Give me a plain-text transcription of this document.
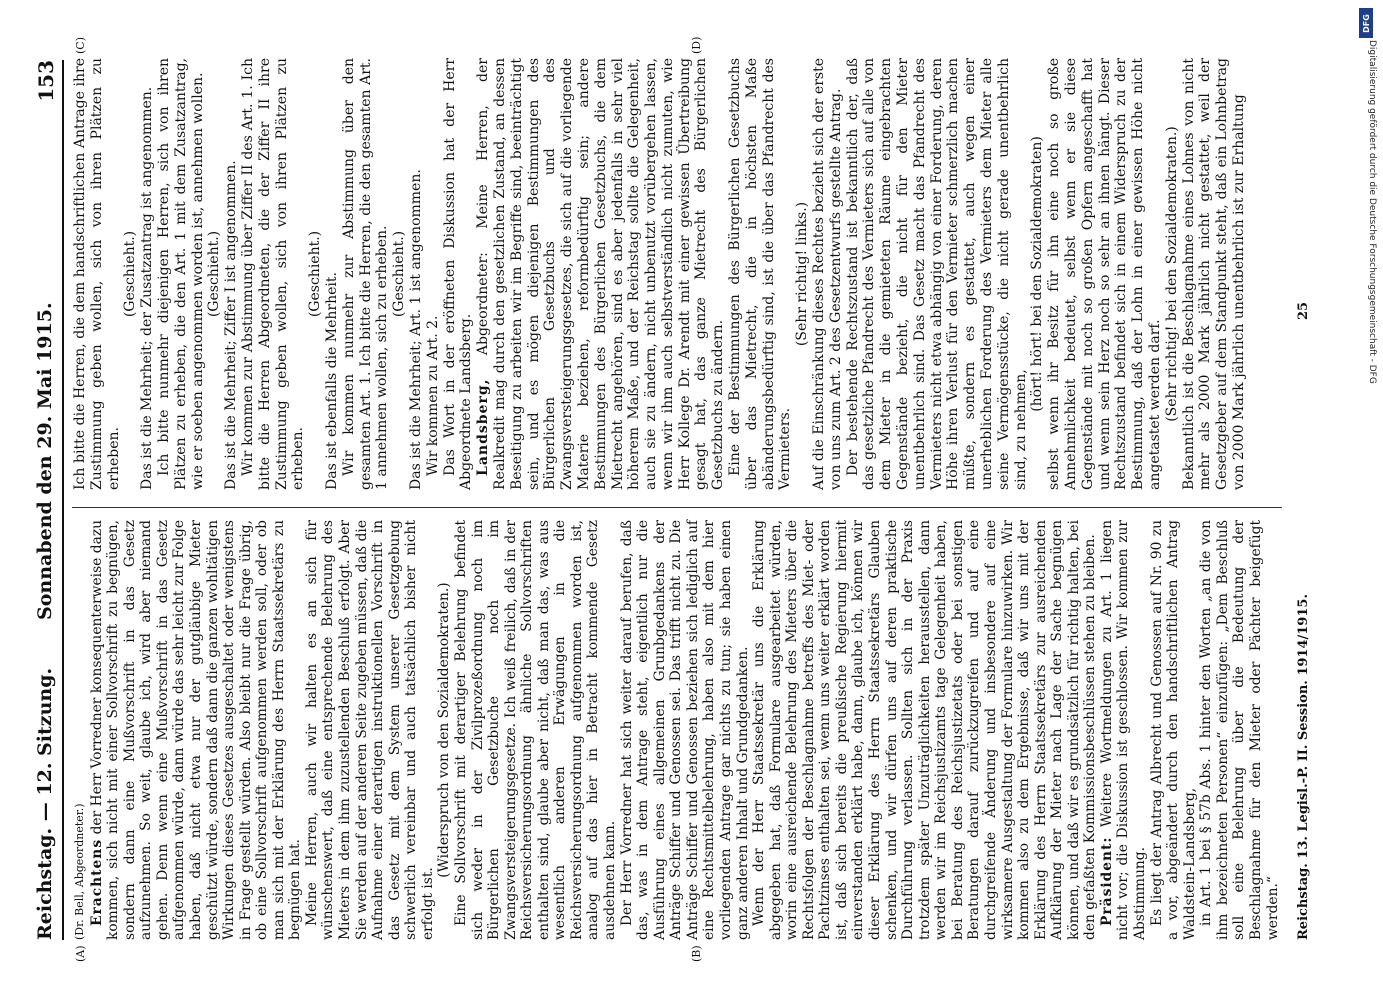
Reichstag. — 12. Sitzung.
Sonnabend den 29. Mai 1915.
153
(A)	(B)
(C)	(D)

(Dr. Bell, Abgeordneter.) Erachtens der Herr Vorredner konsequenterweise dazu kommen, sich nicht mit einer Sollvorschrift zu begnügen, sondern dann eine Mußvorschrift in das Gesetz aufzunehmen. So weit, glaube ich, wird aber niemand gehen. Denn wenn eine Mußvorschrift in das Gesetz aufgenommen würde, dann würde das sehr leicht zur Folge haben, daß nicht etwa nur der gutgläubige Mieter geschützt würde, sondern daß dann die ganzen wohltätigen Wirkungen dieses Gesetzes ausgeschaltet oder wenigstens in Frage gestellt würden. Also bleibt nur die Frage übrig, ob eine Sollvorschrift aufgenommen werden soll, oder ob man sich mit der Erklärung des Herrn Staatssekretärs zu begnügen hat. Meine Herren, auch wir halten es an sich für wünschenswert, daß eine entsprechende Belehrung des Mieters in dem ihm zuzustellenden Beschluß erfolgt. Aber Sie werden auf der anderen Seite zugeben müssen, daß die Aufnahme einer derartigen instruktionellen Vorschrift in das Gesetz mit dem System unserer Gesetzgebung schwerlich vereinbar und auch tatsächlich bisher nicht erfolgt ist.

(Widerspruch von den Sozialdemokraten.) Eine Sollvorschrift mit derartiger Belehrung befindet sich weder in der Zivilprozeßordnung noch im Bürgerlichen Gesetzbuche noch im Zwangsversteigerungsgesetze. Ich weiß freilich, daß in der Reichsversicherungsordnung ähnliche Sollvorschriften enthalten sind, glaube aber nicht, daß man das, was aus wesentlich anderen Erwägungen in die Reichsversicherungsordnung aufgenommen worden ist, analog auf das hier in Betracht kommende Gesetz ausdehnen kann. Der Herr Vorredner hat sich weiter darauf berufen, daß das, was in dem Antrage steht, eigentlich nur die Ausführung eines allgemeinen Grunbgedankens der Anträge Schiffer und Genossen sei. Das trifft nicht zu. Die Anträge Schiffer und Genossen beziehen sich lediglich auf eine Rechtsmittelbelehrung, haben also mit dem hier vorliegenden Antrage gar nichts zu tun; sie haben einen ganz anderen Inhalt und Grundgedanken. Wenn der Herr Staatssekretär uns die Erklärung abgegeben hat, daß Formulare ausgearbeitet würden, worin eine ausreichende Belehrung des Mieters über die Rechtsfolgen der Beschlagnahme betreffs des Miet- oder Pachtzinses enthalten sei, wenn uns weiter erklärt worden ist, daß sich bereits die preußische Regierung hiermit einverstanden erklärt habe, dann, glaube ich, können wir dieser Erklärung des Herrn Staatssekretärs Glauben schenken, und wir dürfen uns auf deren praktische Durchführung verlassen. Sollten sich in der Praxis trotzdem später Unzuträglichkeiten herausstellen, dann werden wir im Reichsjustizamts tage Gelegenheit haben, bei Beratung des Reichsjustizetats oder bei sonstigen Beratungen darauf zurückzugreifen und auf eine durchgreifende Änderung und insbesondere auf eine wirksamere Ausgestaltung der Formulare hinzuwirken. Wir kommen also zu dem Ergebnisse, daß wir uns mit der Erklärung des Herrn Staatssekretärs zur ausreichenden Aufklärung der Mieter nach Lage der Sache begnügen können, und daß wir es grundsätzlich für richtig halten, bei den gefaßten Kommissionsbeschlüssen stehen zu bleiben. Präsident: Weitere Wortmeldungen zu Art. 1 liegen nicht vor; die Diskussion ist geschlossen. Wir kommen zur Abstimmung. Es liegt der Antrag Albrecht und Genossen auf Nr. 90 zu a vor, abgeändert durch den handschriftlichen Antrag Waldstein-Landsberg, in Art. 1 bei § 57b Abs. 1 hinter den Worten „an die von ihm bezeichneten Personen“ einzufügen: „Dem Beschluß soll eine Belehrung über die Bedeutung der Beschlagnahme für den Mieter oder Pächter beigefügt werden.“

Ich bitte die Herren, die dem handschriftlichen Antrage ihre Zustimmung geben wollen, sich von ihren Plätzen zu erheben.

(Geschieht.) Das ist die Mehrheit; der Zusatzantrag ist angenommen. Ich bitte nunmehr diejenigen Herren, sich von ihren Plätzen zu erheben, die den Art. 1 mit dem Zusatzantrag, wie er soeben angenommen worden ist, annehmen wollen. (Geschieht.) Das ist die Mehrheit; Ziffer I ist angenommen. Wir kommen zur Abstimmung über Ziffer II des Art. 1. Ich bitte die Herren Abgeordneten, die der Ziffer II ihre Zustimmung geben wollen, sich von ihren Plätzen zu erheben.

(Geschieht.) Das ist ebenfalls die Mehrheit. Wir kommen nunmehr zur Abstimmung über den gesamten Art. 1. Ich bitte die Herren, die den gesamten Art. 1 annehmen wollen, sich zu erheben. (Geschieht.) Das ist die Mehrheit; Art. 1 ist angenommen. Wir kommen zu Art. 2. Das Wort in der eröffneten Diskussion hat der Herr Abgeordnete Landsberg. Landsberg, Abgeordneter: Meine Herren, der Realkredit mag durch den gesetzlichen Zustand, an dessen Beseitigung zu arbeiten wir im Begriffe sind, beeinträchtigt sein, und es mögen diejenigen Bestimmungen des Bürgerlichen Gesetzbuchs und des Zwangsversteigerungsgesetzes, die sich auf die vorliegende Materie beziehen, reformbedürftig sein; andere Bestimmungen des Bürgerlichen Gesetzbuchs, die dem Mietrecht angehören, sind es aber jedenfalls in sehr viel höherem Maße, und der Reichstag sollte die Gelegenheit, auch sie zu ändern, nicht unbenutzt vorübergehen lassen, wenn wir ihm auch selbstverständlich nicht zumuten, wie Herr Kollege Dr. Arendt mit einer gewissen Übertreibung gesagt hat, das ganze Mietrecht des Bürgerlichen Gesetzbuchs zu ändern. Eine der Bestimmungen des Bürgerlichen Gesetzbuchs über das Mietrecht, die in höchsten Maße abänderungsbedürftig sind, ist die über das Pfandrecht des Vermieters.

(Sehr richtig! links.) Auf die Einschränkung dieses Rechtes bezieht sich der erste von uns zum Art. 2 des Gesetzentwurfs gestellte Antrag. Der bestehende Rechtszustand ist bekanntlich der, daß das gesetzliche Pfandrecht des Vermieters sich auf alle von dem Mieter in die gemieteten Räume eingebrachten Gegenstände bezieht, die nicht für den Mieter unentbehrlich sind. Das Gesetz macht das Pfandrecht des Vermieters nicht etwa abhängig von einer Forderung, deren Höhe ihren Verlust für den Vermieter schmerzlich machen müßte, sondern es gestattet, auch wegen einer unerheblichen Forderung des Vermieters dem Mieter alle seine Vermögensstücke, die nicht gerade unentbehrlich sind, zu nehmen,

(hört! hört! bei den Sozialdemokraten) selbst wenn ihr Besitz für ihn eine noch so große Annehmlichkeit bedeutet, selbst wenn er sie diese Gegenstände mit noch so großen Opfern angeschafft hat und wenn sein Herz noch so sehr an ihnen hängt. Dieser Rechtszustand befindet sich in einem Widerspruch zu der Bestimmung, daß der Lohn in einer gewissen Höhe nicht angetastet werden darf. (Sehr richtig! bei den Sozialdemokraten.) Bekanntlich ist die Beschlagnahme eines Lohnes von nicht mehr als 2000 Mark jährlich nicht gestattet, weil der Gesetzgeber auf dem Standpunkt steht, daß ein Lohnbetrag von 2000 Mark jährlich unentbehrlich ist zur Erhaltung

Reichstag. 13. Legisl.-P. II. Session. 1914/1915.
25
DFG
Digitalisierung gefördert durch die Deutsche Forschungsgemeinschaft - DFG
